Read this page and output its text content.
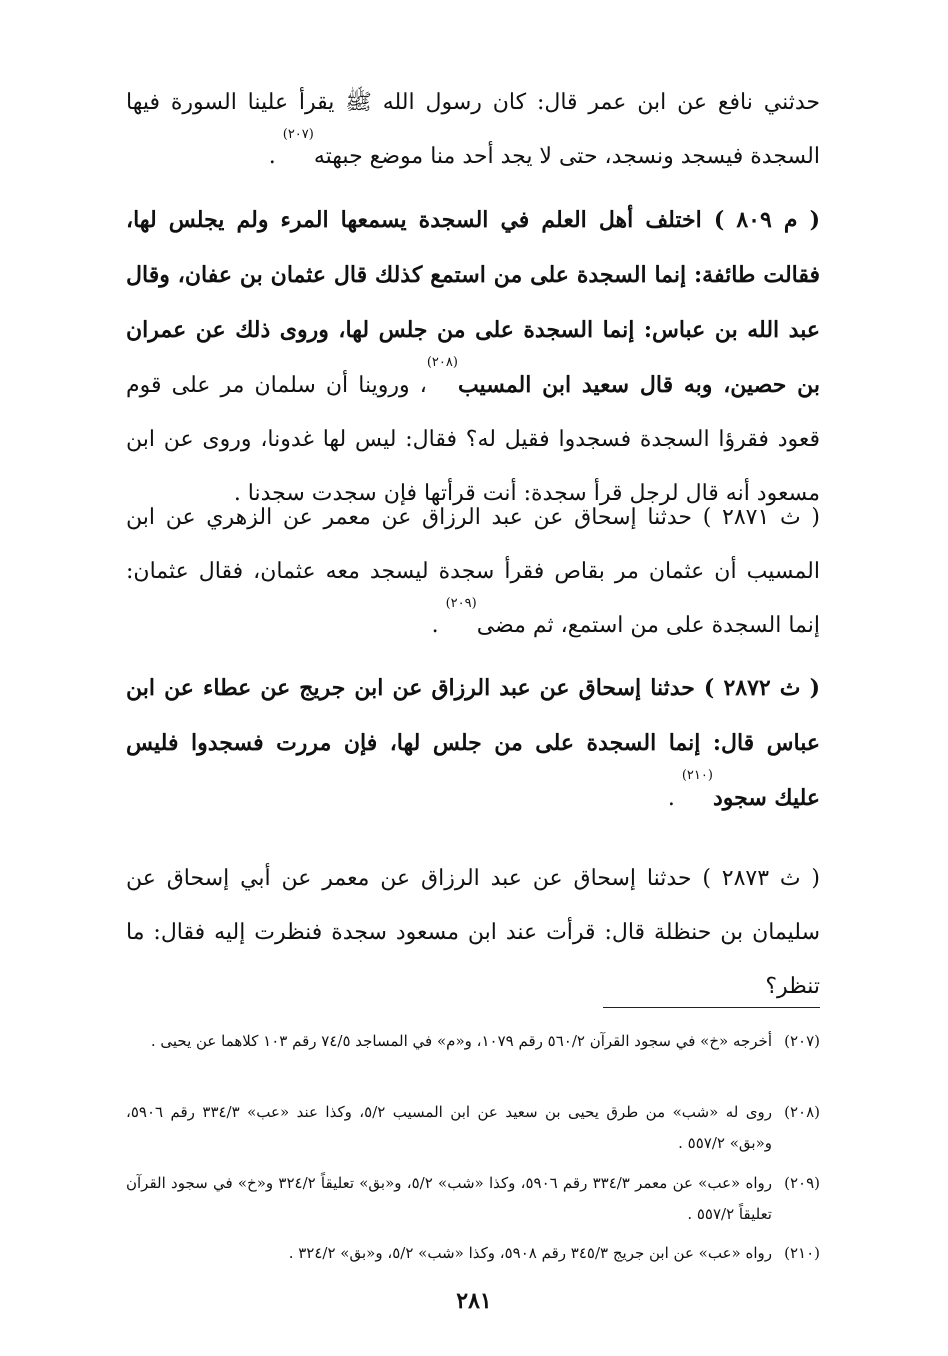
حدثني نافع عن ابن عمر قال: كان رسول الله ﷺ يقرأ علينا السورة فيها السجدة فيسجد ونسجد، حتى لا يجد أحد منا موضع جبهته$^{(٢٠٧)}$ .

( م ٨٠٩ ) اختلف أهل العلم في السجدة يسمعها المرء ولم يجلس لها، فقالت طائفة: إنما السجدة على من استمع كذلك قال عثمان بن عفان، وقال عبد الله بن عباس: إنما السجدة على من جلس لها، وروى ذلك عن عمران بن حصين، وبه قال سعيد ابن المسيب$^{(٢٠٨)}$، وروينا أن سلمان مر على قوم قعود فقرؤا السجدة فسجدوا فقيل له؟ فقال: ليس لها غدونا، وروى عن ابن مسعود أنه قال لرجل قرأ سجدة: أنت قرأتها فإن سجدت سجدنا .

( ث ٢٨٧١ ) حدثنا إسحاق عن عبد الرزاق عن معمر عن الزهري عن ابن المسيب أن عثمان مر بقاص فقرأ سجدة ليسجد معه عثمان، فقال عثمان: إنما السجدة على من استمع، ثم مضى$^{(٢٠٩)}$ .

( ث ٢٨٧٢ ) حدثنا إسحاق عن عبد الرزاق عن ابن جريج عن عطاء عن ابن عباس قال: إنما السجدة على من جلس لها، فإن مررت فسجدوا فليس عليك سجود$^{(٢١٠)}$ .

( ث ٢٨٧٣ ) حدثنا إسحاق عن عبد الرزاق عن معمر عن أبي إسحاق عن سليمان بن حنظلة قال: قرأت عند ابن مسعود سجدة فنظرت إليه فقال: ما تنظر؟

(٢٠٧)
أخرجه «خ» في سجود القرآن ٥٦٠/٢ رقم ١٠٧٩، و«م» في المساجد ٧٤/٥ رقم ١٠٣ كلاهما عن يحيى .
(٢٠٨)
روى له «شب» من طرق يحيى بن سعيد عن ابن المسيب ٥/٢، وكذا عند «عب» ٣٣٤/٣ رقم ٥٩٠٦، و«بق» ٥٥٧/٢ .
(٢٠٩)
رواه «عب» عن معمر ٣٣٤/٣ رقم ٥٩٠٦، وكذا «شب» ٥/٢، و«بق» تعليقاً ٣٢٤/٢ و«خ» في سجود القرآن تعليقاً ٥٥٧/٢ .
(٢١٠)
رواه «عب» عن ابن جريج ٣٤٥/٣ رقم ٥٩٠٨، وكذا «شب» ٥/٢، و«بق» ٣٢٤/٢ .
٢٨١
